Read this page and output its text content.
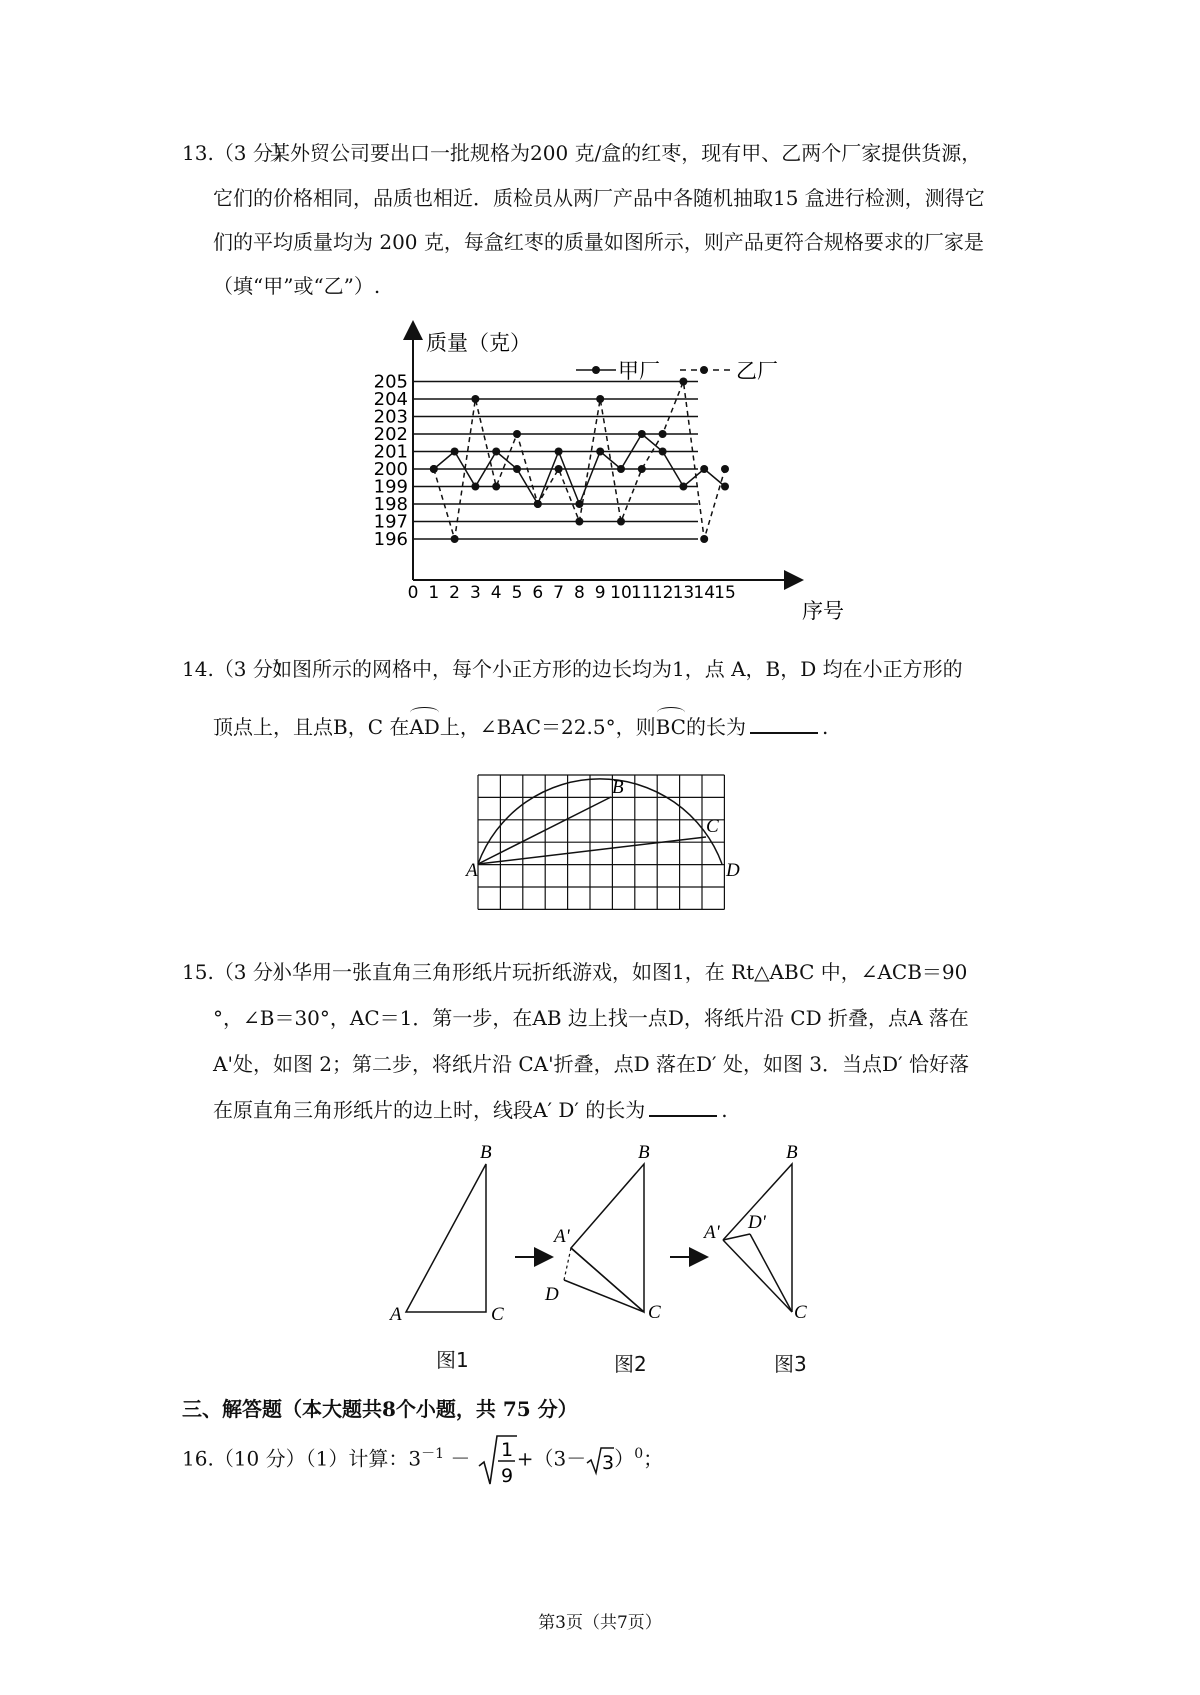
13.（3 分）
某外贸公司要出口一批规格为200 克/盒的红枣，现有甲、乙两个厂家提供货源，
它们的价格相同，品质也相近．质检员从两厂产品中各随机抽取15 盒进行检测，测得它
们的平均质量均为 200 克，每盒红枣的质量如图所示，则产品更符合规格要求的厂家是
（填“甲”或“乙”）.
质量（克）
序号
196
197
198
199
200
201
202
203
204
205
0 1 2 3 4 5 6 7 8 9 10 11 12 13 14 15
甲厂	乙厂
14.（3 分）
如图所示的网格中，每个小正方形的边长均为1，点 A，B，D 均在小正方形的
顶点上，且点B，C 在AD上，∠BAC＝22.5°，则BC的长为	.
A
B
C
D
15.（3 分）
小华用一张直角三角形纸片玩折纸游戏，如图1，在 Rt△ABC 中，∠ACB＝90
°，∠B＝30°，AC＝1．第一步，在AB 边上找一点D，将纸片沿 CD 折叠，点A 落在
A'处，如图 2；第二步，将纸片沿 CA'折叠，点D 落在D′ 处，如图 3．当点D′ 恰好落
在原直角三角形纸片的边上时，线段A′ D′ 的长为	.
A
B
C
A'
B
D
C
A' D'
B
C
图1	图2	图3
三、解答题（本大题共8个小题，共 75 分）
16.（10 分）（1）计算：$3^{-1} - 1$
9
+（3－ 3 ）$^0$；
第3页（共7页）
